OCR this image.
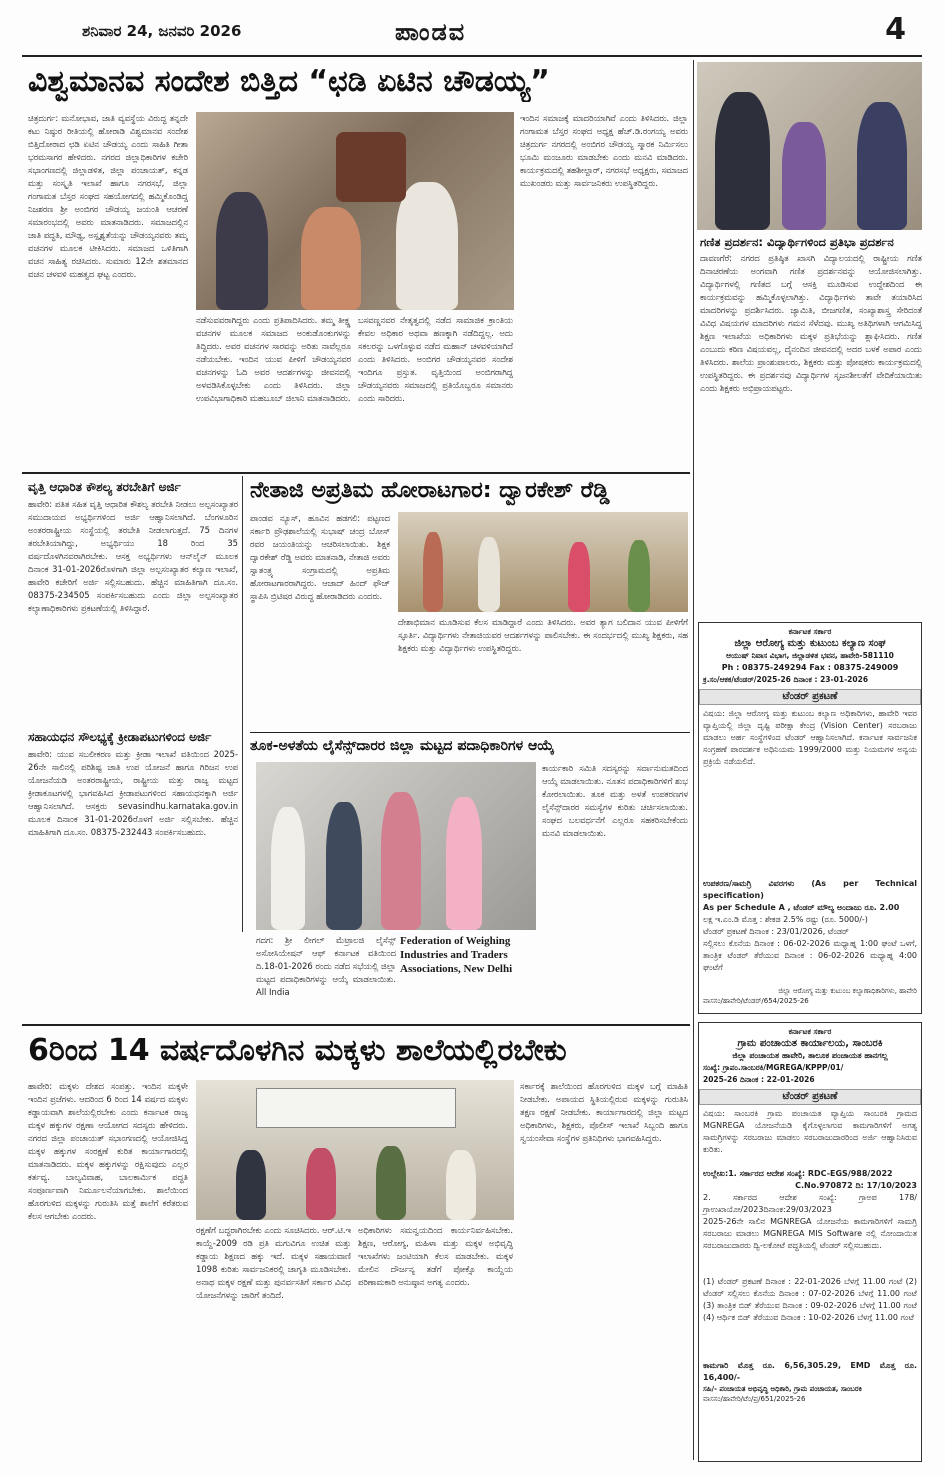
ಶನಿವಾರ 24, ಜನವರಿ 2026	ಪಾಂಡವ	4
ವಿಶ್ವಮಾನವ ಸಂದೇಶ ಬಿತ್ತಿದ “ಛಡಿ ಏಟಿನ ಚೌಡಯ್ಯ”
ಚಿತ್ರದುರ್ಗ: ಮನೋಭಾವ, ಜಾತಿ ವ್ಯವಸ್ಥೆಯ ವಿರುದ್ಧ ತನ್ನದೇ ಕಟು ನಿಷ್ಠುರ ರೀತಿಯಲ್ಲಿ ಹೋರಾಡಿ ವಿಶ್ವಮಾನವ ಸಂದೇಶ ಬಿತ್ತಿದೋರಾದ ಛಡಿ ಏಟಿನ ಚೌಡಯ್ಯ ಎಂದು ಸಾಹಿತಿ ಗೀತಾ ಭರಮಸಾಗರ ಹೇಳಿದರು. ನಗರದ ಜಿಲ್ಲಾಧಿಕಾರಿಗಳ ಕಚೇರಿ ಸಭಾಂಗಣದಲ್ಲಿ ಜಿಲ್ಲಾಡಳಿತ, ಜಿಲ್ಲಾ ಪಂಚಾಯತ್, ಕನ್ನಡ ಮತ್ತು ಸಂಸ್ಕೃತಿ ಇಲಾಖೆ ಹಾಗೂ ನಗರಸಭೆ, ಜಿಲ್ಲಾ ಗಂಗಾಮತ ಬೆಸ್ತರ ಸಂಘದ ಸಹಯೋಗದಲ್ಲಿ ಹಮ್ಮಿಕೊಂಡಿದ್ದ ನಿಜಶರಣ ಶ್ರೀ ಅಂಬಿಗರ ಚೌಡಯ್ಯ ಜಯಂತಿ ಆಚರಣೆ ಸಮಾರಂಭದಲ್ಲಿ ಅವರು ಮಾತನಾಡಿದರು. ಸಮಾಜದಲ್ಲಿನ ಜಾತಿ ಪದ್ಧತಿ, ಮೌಢ್ಯ, ಅಸ್ಪೃಶ್ಯತೆಯನ್ನು ಚೌಡಯ್ಯನವರು ತಮ್ಮ ವಚನಗಳ ಮೂಲಕ ಟೀಕಿಸಿದರು. ಸಮಾಜದ ಒಳಿತಿಗಾಗಿ ವಚನ ಸಾಹಿತ್ಯ ರಚಿಸಿದರು. ಸುಮಾರು 12ನೇ ಶತಮಾನದ ವಚನ ಚಳವಳಿ ಮಹತ್ವದ ಘಟ್ಟ ಎಂದರು.
ನಡೆಸುವವರಾಗಿದ್ದರು ಎಂದು ಪ್ರತಿಪಾದಿಸಿದರು. ತಮ್ಮ ತೀಕ್ಷ್ಣ ವಚನಗಳ ಮೂಲಕ ಸಮಾಜದ ಅಂಕುಡೊಂಕುಗಳನ್ನು ತಿದ್ದಿದರು. ಅವರ ವಚನಗಳ ಸಾರವನ್ನು ಅರಿತು ನಾವೆಲ್ಲರೂ ನಡೆಯಬೇಕು. ಇಂದಿನ ಯುವ ಪೀಳಿಗೆ ಚೌಡಯ್ಯನವರ ವಚನಗಳನ್ನು ಓದಿ ಅವರ ಆದರ್ಶಗಳನ್ನು ಜೀವನದಲ್ಲಿ ಅಳವಡಿಸಿಕೊಳ್ಳಬೇಕು ಎಂದು ತಿಳಿಸಿದರು. ಜಿಲ್ಲಾ ಉಪವಿಭಾಗಾಧಿಕಾರಿ ಮಹಬೂಬ್ ಜಿಲಾನಿ ಮಾತನಾಡಿದರು.
ಬಸವಣ್ಣನವರ ನೇತೃತ್ವದಲ್ಲಿ ನಡೆದ ಸಾಮಾಜಿಕ ಕ್ರಾಂತಿಯ ಕೇವಲ ಅಧಿಕಾರ ಅಥವಾ ಹಣಕ್ಕಾಗಿ ನಡೆದಿದ್ದಲ್ಲ. ಅದು ಸಕಲರನ್ನು ಒಳಗೊಳ್ಳುವ ನಡೆದ ಮಹಾನ್ ಚಳವಳಿಯಾಗಿದೆ ಎಂದು ತಿಳಿಸಿದರು. ಅಂಬಿಗರ ಚೌಡಯ್ಯನವರ ಸಂದೇಶ ಇಂದಿಗೂ ಪ್ರಸ್ತುತ. ವೃತ್ತಿಯಿಂದ ಅಂಬಿಗರಾಗಿದ್ದ ಚೌಡಯ್ಯನವರು ಸಮಾಜದಲ್ಲಿ ಪ್ರತಿಯೊಬ್ಬರೂ ಸಮಾನರು ಎಂದು ಸಾರಿದರು.
ಇಂದಿನ ಸಮಾಜಕ್ಕೆ ಮಾದರಿಯಾಗಿವೆ ಎಂದು ತಿಳಿಸಿದರು. ಜಿಲ್ಲಾ ಗಂಗಾಮತ ಬೆಸ್ತರ ಸಂಘದ ಅಧ್ಯಕ್ಷ ಹೆಚ್.ಡಿ.ರಂಗಯ್ಯ ಅವರು ಚಿತ್ರದುರ್ಗ ನಗರದಲ್ಲಿ ಅಂಬಿಗರ ಚೌಡಯ್ಯ ಸ್ಮಾರಕ ನಿರ್ಮಿಸಲು ಭೂಮಿ ಮಂಜೂರು ಮಾಡಬೇಕು ಎಂದು ಮನವಿ ಮಾಡಿದರು. ಕಾರ್ಯಕ್ರಮದಲ್ಲಿ ತಹಶೀಲ್ದಾರ್, ನಗರಸಭೆ ಅಧ್ಯಕ್ಷರು, ಸಮಾಜದ ಮುಖಂಡರು ಮತ್ತು ಸಾರ್ವಜನಿಕರು ಉಪಸ್ಥಿತರಿದ್ದರು.
ಗಣಿತ ಪ್ರದರ್ಶನ: ವಿದ್ಯಾರ್ಥಿಗಳಿಂದ ಪ್ರತಿಭಾ ಪ್ರದರ್ಶನ
ದಾವಣಗೆರೆ: ನಗರದ ಪ್ರತಿಷ್ಠಿತ ಖಾಸಗಿ ವಿದ್ಯಾಲಯದಲ್ಲಿ ರಾಷ್ಟ್ರೀಯ ಗಣಿತ ದಿನಾಚರಣೆಯ ಅಂಗವಾಗಿ ಗಣಿತ ಪ್ರದರ್ಶನವನ್ನು ಆಯೋಜಿಸಲಾಗಿತ್ತು. ವಿದ್ಯಾರ್ಥಿಗಳಲ್ಲಿ ಗಣಿತದ ಬಗ್ಗೆ ಆಸಕ್ತಿ ಮೂಡಿಸುವ ಉದ್ದೇಶದಿಂದ ಈ ಕಾರ್ಯಕ್ರಮವನ್ನು ಹಮ್ಮಿಕೊಳ್ಳಲಾಗಿತ್ತು. ವಿದ್ಯಾರ್ಥಿಗಳು ತಾವೇ ತಯಾರಿಸಿದ ಮಾದರಿಗಳನ್ನು ಪ್ರದರ್ಶಿಸಿದರು. ಜ್ಯಾಮಿತಿ, ಬೀಜಗಣಿತ, ಸಂಖ್ಯಾಶಾಸ್ತ್ರ ಸೇರಿದಂತೆ ವಿವಿಧ ವಿಷಯಗಳ ಮಾದರಿಗಳು ಗಮನ ಸೆಳೆದವು. ಮುಖ್ಯ ಅತಿಥಿಗಳಾಗಿ ಆಗಮಿಸಿದ್ದ ಶಿಕ್ಷಣ ಇಲಾಖೆಯ ಅಧಿಕಾರಿಗಳು ಮಕ್ಕಳ ಪ್ರತಿಭೆಯನ್ನು ಶ್ಲಾಘಿಸಿದರು. ಗಣಿತ ಎಂಬುದು ಕಠಿಣ ವಿಷಯವಲ್ಲ, ದೈನಂದಿನ ಜೀವನದಲ್ಲಿ ಅದರ ಬಳಕೆ ಅಪಾರ ಎಂದು ತಿಳಿಸಿದರು. ಶಾಲೆಯ ಪ್ರಾಂಶುಪಾಲರು, ಶಿಕ್ಷಕರು ಮತ್ತು ಪೋಷಕರು ಕಾರ್ಯಕ್ರಮದಲ್ಲಿ ಉಪಸ್ಥಿತರಿದ್ದರು. ಈ ಪ್ರದರ್ಶನವು ವಿದ್ಯಾರ್ಥಿಗಳ ಸೃಜನಶೀಲತೆಗೆ ವೇದಿಕೆಯಾಯಿತು ಎಂದು ಶಿಕ್ಷಕರು ಅಭಿಪ್ರಾಯಪಟ್ಟರು.
ಕರ್ನಾಟಕ ಸರ್ಕಾರ
ಜಿಲ್ಲಾ ಆರೋಗ್ಯ ಮತ್ತು ಕುಟುಂಬ ಕಲ್ಯಾಣ ಸಂಘ
ಆಯುಷ್ ನಿವಾಸ ವಿಭಾಗ, ಜಿಲ್ಲಾಡಳಿತ ಭವನ, ಹಾವೇರಿ-581110
Ph : 08375-249294 Fax : 08375-249009
ಕ್ರ.ಸಂ/ಆಕಕ/ಟೆಂಡರ್/2025-26 ದಿನಾಂಕ : 23-01-2026
ಟೆಂಡರ್ ಪ್ರಕಟಣೆ
ವಿಷಯ: ಜಿಲ್ಲಾ ಆರೋಗ್ಯ ಮತ್ತು ಕುಟುಂಬ ಕಲ್ಯಾಣ ಅಧಿಕಾರಿಗಳು, ಹಾವೇರಿ ಇವರ ವ್ಯಾಪ್ತಿಯಲ್ಲಿ ಜಿಲ್ಲಾ ದೃಷ್ಟಿ ಪರೀಕ್ಷಾ ಕೇಂದ್ರ (Vision Center) ಸರಬರಾಜು ಮಾಡಲು ಅರ್ಹ ಸಂಸ್ಥೆಗಳಿಂದ ಟೆಂಡರ್ ಆಹ್ವಾನಿಸಲಾಗಿದೆ. ಕರ್ನಾಟಕ ಸಾರ್ವಜನಿಕ ಸಂಗ್ರಹಣೆ ಪಾರದರ್ಶಕ ಅಧಿನಿಯಮ 1999/2000 ಮತ್ತು ನಿಯಮಗಳ ಅನ್ವಯ ಪ್ರಕ್ರಿಯೆ ನಡೆಯಲಿದೆ.
ಉಪಕರಣ/ಸಾಮಗ್ರಿ ವಿವರಗಳು (As per Technical specification)
As per Schedule A , ಟೆಂಡರ್ ಮೌಲ್ಯ ಅಂದಾಜು ರೂ. 2.00
ಲಕ್ಷ ಇ.ಎಂ.ಡಿ ಮೊತ್ತ : ಶೇಕಡ 2.5% ರಷ್ಟು (ರೂ. 5000/-)
ಟೆಂಡರ್ ಪ್ರಕಟಣೆ ದಿನಾಂಕ : 23/01/2026, ಟೆಂಡರ್
ಸಲ್ಲಿಸಲು ಕೊನೆಯ ದಿನಾಂಕ : 06-02-2026 ಮಧ್ಯಾಹ್ನ 1:00 ಘಂಟೆ ಒಳಗೆ, ತಾಂತ್ರಿಕ ಟೆಂಡರ್ ತೆರೆಯುವ ದಿನಾಂಕ : 06-02-2026 ಮಧ್ಯಾಹ್ನ 4:00 ಘಂಟೆಗೆ
ಜಿಲ್ಲಾ ಆರೋಗ್ಯ ಮತ್ತು ಕುಟುಂಬ ಕಲ್ಯಾಣಾಧಿಕಾರಿಗಳು, ಹಾವೇರಿ
ವಾಸಸಂ/ಹಾವೇರಿ/ಟೆಂಡರ್/654/2025-26
ಕರ್ನಾಟಕ ಸರ್ಕಾರ
ಗ್ರಾಮ ಪಂಚಾಯತ ಕಾರ್ಯಾಲಯ, ಸಾಂಬರಕಿ
ಜಿಲ್ಲಾ ಪಂಚಾಯತ ಹಾವೇರಿ, ತಾಲೂಕ ಪಂಚಾಯತ ಹಾನಗಲ್ಲ
ಸಂಖ್ಯೆ: ಗ್ರಾಪಂ.ಸಾಂಬರಕಿ/MGREGA/KPPP/01/
2025-26 ದಿನಾಂಕ : 22-01-2026
ಟೆಂಡರ್ ಪ್ರಕಟಣೆ
ವಿಷಯ: ಸಾಂಬರಕಿ ಗ್ರಾಮ ಪಂಚಾಯತ ವ್ಯಾಪ್ತಿಯ ಸಾಂಬರಕಿ ಗ್ರಾಮದ MGNREGA ಯೋಜನೆಯಡಿ ಕೈಗೊಳ್ಳಲಾಗುವ ಕಾಮಗಾರಿಗಳಿಗೆ ಅಗತ್ಯ ಸಾಮಗ್ರಿಗಳನ್ನು ಸರಬರಾಜು ಮಾಡಲು ಸರಬರಾಜುದಾರರಿಂದ ಅರ್ಜಿ ಆಹ್ವಾನಿಸಿರುವ ಕುರಿತು.
ಉಲ್ಲೇಖ:1. ಸರ್ಕಾರದ ಆದೇಶ ಸಂಖ್ಯೆ: RDC-EGS/988/2022
C.No.970872 ದಿ: 17/10/2023
2. ಸರ್ಕಾರದ ಆದೇಶ ಸಂಖ್ಯೆ: ಗ್ರಾಅಪ 178/ಗ್ರಾಉಖಾಯೋ/2023ದಿನಾಂಕ:29/03/2023
2025-26ನೇ ಸಾಲಿನ MGNREGA ಯೋಜನೆಯ ಕಾಮಗಾರಿಗಳಿಗೆ ಸಾಮಗ್ರಿ ಸರಬರಾಜು ಮಾಡಲು MGNREGA MIS Software ನಲ್ಲಿ ನೋಂದಾಯಿತ ಸರಬರಾಜುದಾರರು ದ್ವಿ-ಲಕೋಟೆ ಪದ್ಧತಿಯಲ್ಲಿ ಟೆಂಡರ್ ಸಲ್ಲಿಸಬಹುದು.
(1) ಟೆಂಡರ್ ಪ್ರಕಟಣೆ ದಿನಾಂಕ : 22-01-2026 ಬೆಳಗ್ಗೆ 11.00 ಗಂಟೆ (2) ಟೆಂಡರ್ ಸಲ್ಲಿಸಲು ಕೊನೆಯ ದಿನಾಂಕ : 07-02-2026 ಬೆಳಗ್ಗೆ 11.00 ಗಂಟೆ (3) ತಾಂತ್ರಿಕ ಬಿಡ್ ತೆರೆಯುವ ದಿನಾಂಕ : 09-02-2026 ಬೆಳಗ್ಗೆ 11.00 ಗಂಟೆ (4) ಆರ್ಥಿಕ ಬಿಡ್ ತೆರೆಯುವ ದಿನಾಂಕ : 10-02-2026 ಬೆಳಗ್ಗೆ 11.00 ಗಂಟೆ
ಕಾಮಗಾರಿ ಮೊತ್ತ ರೂ. 6,56,305.29, EMD ಮೊತ್ತ ರೂ. 16,400/-
ಸಹಿ/- ಪಂಚಾಯತ ಅಭಿವೃದ್ಧಿ ಅಧಿಕಾರಿ, ಗ್ರಾಮ ಪಂಚಾಯತ, ಸಾಂಬರಕಿ
ವಾಸಸಂ/ಹಾವೇರಿ/ಟೆಂ/ಪ್ರ/651/2025-26
ವೃತ್ತಿ ಆಧಾರಿತ ಕೌಶಲ್ಯ ತರಬೇತಿಗೆ ಅರ್ಜಿ
ಹಾವೇರಿ: ಪತಿತ ಸಹಿತ ವೃತ್ತಿ ಆಧಾರಿತ ಕೌಶಲ್ಯ ತರಬೇತಿ ನೀಡಲು ಅಲ್ಪಸಂಖ್ಯಾತರ ಸಮುದಾಯದ ಅಭ್ಯರ್ಥಿಗಳಿಂದ ಅರ್ಜಿ ಆಹ್ವಾನಿಸಲಾಗಿದೆ. ಬೆಂಗಳೂರಿನ ಅಂತರರಾಷ್ಟ್ರೀಯ ಸಂಸ್ಥೆಯಲ್ಲಿ ತರಬೇತಿ ನೀಡಲಾಗುತ್ತದೆ. 75 ದಿನಗಳ ತರಬೇತಿಯಾಗಿದ್ದು, ಅಭ್ಯರ್ಥಿಯು 18 ರಿಂದ 35 ವರ್ಷದೊಳಗಿನವರಾಗಿರಬೇಕು. ಆಸಕ್ತ ಅಭ್ಯರ್ಥಿಗಳು ಆನ್‌ಲೈನ್ ಮೂಲಕ ದಿನಾಂಕ 31-01-2026ರೊಳಗಾಗಿ ಜಿಲ್ಲಾ ಅಲ್ಪಸಂಖ್ಯಾತರ ಕಲ್ಯಾಣ ಇಲಾಖೆ, ಹಾವೇರಿ ಕಚೇರಿಗೆ ಅರ್ಜಿ ಸಲ್ಲಿಸಬಹುದು. ಹೆಚ್ಚಿನ ಮಾಹಿತಿಗಾಗಿ ದೂ.ಸಂ. 08375-234505 ಸಂಪರ್ಕಿಸಬಹುದು ಎಂದು ಜಿಲ್ಲಾ ಅಲ್ಪಸಂಖ್ಯಾತರ ಕಲ್ಯಾಣಾಧಿಕಾರಿಗಳು ಪ್ರಕಟಣೆಯಲ್ಲಿ ತಿಳಿಸಿದ್ದಾರೆ.
ಸಹಾಯಧನ ಸೌಲಭ್ಯಕ್ಕೆ ಕ್ರೀಡಾಪಟುಗಳಿಂದ ಅರ್ಜಿ
ಹಾವೇರಿ: ಯುವ ಸಬಲೀಕರಣ ಮತ್ತು ಕ್ರೀಡಾ ಇಲಾಖೆ ವತಿಯಿಂದ 2025-26ನೇ ಸಾಲಿನಲ್ಲಿ ಪರಿಶಿಷ್ಟ ಜಾತಿ ಉಪ ಯೋಜನೆ ಹಾಗೂ ಗಿರಿಜನ ಉಪ ಯೋಜನೆಯಡಿ ಅಂತರರಾಷ್ಟ್ರೀಯ, ರಾಷ್ಟ್ರೀಯ ಮತ್ತು ರಾಜ್ಯ ಮಟ್ಟದ ಕ್ರೀಡಾಕೂಟಗಳಲ್ಲಿ ಭಾಗವಹಿಸಿದ ಕ್ರೀಡಾಪಟುಗಳಿಂದ ಸಹಾಯಧನಕ್ಕಾಗಿ ಅರ್ಜಿ ಆಹ್ವಾನಿಸಲಾಗಿದೆ. ಆಸಕ್ತರು sevasindhu.karnataka.gov.in ಮೂಲಕ ದಿನಾಂಕ 31-01-2026ರೊಳಗೆ ಅರ್ಜಿ ಸಲ್ಲಿಸಬೇಕು. ಹೆಚ್ಚಿನ ಮಾಹಿತಿಗಾಗಿ ದೂ.ಸಂ. 08375-232443 ಸಂಪರ್ಕಿಸಬಹುದು.
ನೇತಾಜಿ ಅಪ್ರತಿಮ ಹೋರಾಟಗಾರ: ದ್ವಾರಕೇಶ್ ರೆಡ್ಡಿ
ಪಾಂಡವ ನ್ಯೂಸ್, ಹೂವಿನ ಹಡಗಲಿ: ಪಟ್ಟಣದ ಸರ್ಕಾರಿ ಪ್ರೌಢಶಾಲೆಯಲ್ಲಿ ಸುಭಾಷ್ ಚಂದ್ರ ಬೋಸ್ ರವರ ಜಯಂತಿಯನ್ನು ಆಚರಿಸಲಾಯಿತು. ಶಿಕ್ಷಕ ದ್ವಾರಕೇಶ್ ರೆಡ್ಡಿ ಅವರು ಮಾತನಾಡಿ, ನೇತಾಜಿ ಅವರು ಸ್ವಾತಂತ್ರ್ಯ ಸಂಗ್ರಾಮದಲ್ಲಿ ಅಪ್ರತಿಮ ಹೋರಾಟಗಾರರಾಗಿದ್ದರು. ಆಜಾದ್ ಹಿಂದ್ ಫೌಜ್ ಸ್ಥಾಪಿಸಿ ಬ್ರಿಟಿಷರ ವಿರುದ್ಧ ಹೋರಾಡಿದರು ಎಂದರು.
ದೇಶಾಭಿಮಾನ ಮೂಡಿಸುವ ಕೆಲಸ ಮಾಡಿದ್ದಾರೆ ಎಂದು ತಿಳಿಸಿದರು. ಅವರ ತ್ಯಾಗ ಬಲಿದಾನ ಯುವ ಪೀಳಿಗೆಗೆ ಸ್ಫೂರ್ತಿ. ವಿದ್ಯಾರ್ಥಿಗಳು ನೇತಾಜಿಯವರ ಆದರ್ಶಗಳನ್ನು ಪಾಲಿಸಬೇಕು. ಈ ಸಂದರ್ಭದಲ್ಲಿ ಮುಖ್ಯ ಶಿಕ್ಷಕರು, ಸಹ ಶಿಕ್ಷಕರು ಮತ್ತು ವಿದ್ಯಾರ್ಥಿಗಳು ಉಪಸ್ಥಿತರಿದ್ದರು.
ತೂಕ-ಅಳತೆಯ ಲೈಸೆನ್ಸ್‌ದಾರರ ಜಿಲ್ಲಾ ಮಟ್ಟದ ಪದಾಧಿಕಾರಿಗಳ ಆಯ್ಕೆ
ಗದಗ: ಶ್ರೀ ಲೀಗಲ್ ಮೆಟ್ರಾಲಜಿ ಲೈಸೆನ್ಸ್ ಅಸೋಸಿಯೇಷನ್ ಆಫ್ ಕರ್ನಾಟಕ ವತಿಯಿಂದ ದಿ.18-01-2026 ರಂದು ನಡೆದ ಸಭೆಯಲ್ಲಿ ಜಿಲ್ಲಾ ಮಟ್ಟದ ಪದಾಧಿಕಾರಿಗಳನ್ನು ಆಯ್ಕೆ ಮಾಡಲಾಯಿತು. All India
Federation of Weighing Industries and Traders Associations, New Delhi
ಕಾರ್ಯಕಾರಿ ಸಮಿತಿ ಸದಸ್ಯರನ್ನು ಸರ್ವಾನುಮತದಿಂದ ಆಯ್ಕೆ ಮಾಡಲಾಯಿತು. ನೂತನ ಪದಾಧಿಕಾರಿಗಳಿಗೆ ಶುಭ ಕೋರಲಾಯಿತು. ತೂಕ ಮತ್ತು ಅಳತೆ ಉಪಕರಣಗಳ ಲೈಸೆನ್ಸ್‌ದಾರರ ಸಮಸ್ಯೆಗಳ ಕುರಿತು ಚರ್ಚಿಸಲಾಯಿತು. ಸಂಘದ ಬಲವರ್ಧನೆಗೆ ಎಲ್ಲರೂ ಸಹಕರಿಸಬೇಕೆಂದು ಮನವಿ ಮಾಡಲಾಯಿತು.
6ರಿಂದ 14 ವರ್ಷದೊಳಗಿನ ಮಕ್ಕಳು ಶಾಲೆಯಲ್ಲಿರಬೇಕು
ಹಾವೇರಿ: ಮಕ್ಕಳು ದೇಶದ ಸಂಪತ್ತು. ಇಂದಿನ ಮಕ್ಕಳೇ ಇಂದಿನ ಪ್ರಜೆಗಳು. ಆದರಿಂದ 6 ರಿಂದ 14 ವರ್ಷದ ಮಕ್ಕಳು ಕಡ್ಡಾಯವಾಗಿ ಶಾಲೆಯಲ್ಲಿರಬೇಕು ಎಂದು ಕರ್ನಾಟಕ ರಾಜ್ಯ ಮಕ್ಕಳ ಹಕ್ಕುಗಳ ರಕ್ಷಣಾ ಆಯೋಗದ ಸದಸ್ಯರು ಹೇಳಿದರು. ನಗರದ ಜಿಲ್ಲಾ ಪಂಚಾಯತ್ ಸಭಾಂಗಣದಲ್ಲಿ ಆಯೋಜಿಸಿದ್ದ ಮಕ್ಕಳ ಹಕ್ಕುಗಳ ಸಂರಕ್ಷಣೆ ಕುರಿತ ಕಾರ್ಯಾಗಾರದಲ್ಲಿ ಮಾತನಾಡಿದರು. ಮಕ್ಕಳ ಹಕ್ಕುಗಳನ್ನು ರಕ್ಷಿಸುವುದು ಎಲ್ಲರ ಕರ್ತವ್ಯ. ಬಾಲ್ಯವಿವಾಹ, ಬಾಲಕಾರ್ಮಿಕ ಪದ್ಧತಿ ಸಂಪೂರ್ಣವಾಗಿ ನಿರ್ಮೂಲನೆಯಾಗಬೇಕು. ಶಾಲೆಯಿಂದ ಹೊರಗುಳಿದ ಮಕ್ಕಳನ್ನು ಗುರುತಿಸಿ ಮತ್ತೆ ಶಾಲೆಗೆ ಕರೆತರುವ ಕೆಲಸ ಆಗಬೇಕು ಎಂದರು.
ರಕ್ಷಣೆಗೆ ಬದ್ಧರಾಗಿರಬೇಕು ಎಂದು ಸೂಚಿಸಿದರು. ಆರ್.ಟಿ.ಇ ಕಾಯ್ದೆ-2009 ರಡಿ ಪ್ರತಿ ಮಗುವಿಗೂ ಉಚಿತ ಮತ್ತು ಕಡ್ಡಾಯ ಶಿಕ್ಷಣದ ಹಕ್ಕು ಇದೆ. ಮಕ್ಕಳ ಸಹಾಯವಾಣಿ 1098 ಕುರಿತು ಸಾರ್ವಜನಿಕರಲ್ಲಿ ಜಾಗೃತಿ ಮೂಡಿಸಬೇಕು. ಅನಾಥ ಮಕ್ಕಳ ರಕ್ಷಣೆ ಮತ್ತು ಪುನರ್ವಸತಿಗೆ ಸರ್ಕಾರ ವಿವಿಧ ಯೋಜನೆಗಳನ್ನು ಜಾರಿಗೆ ತಂದಿದೆ.
ಅಧಿಕಾರಿಗಳು ಸಮನ್ವಯದಿಂದ ಕಾರ್ಯನಿರ್ವಹಿಸಬೇಕು. ಶಿಕ್ಷಣ, ಆರೋಗ್ಯ, ಮಹಿಳಾ ಮತ್ತು ಮಕ್ಕಳ ಅಭಿವೃದ್ಧಿ ಇಲಾಖೆಗಳು ಜಂಟಿಯಾಗಿ ಕೆಲಸ ಮಾಡಬೇಕು. ಮಕ್ಕಳ ಮೇಲಿನ ದೌರ್ಜನ್ಯ ತಡೆಗೆ ಪೋಕ್ಸೊ ಕಾಯ್ದೆಯ ಪರಿಣಾಮಕಾರಿ ಅನುಷ್ಠಾನ ಅಗತ್ಯ ಎಂದರು.
ಸರ್ಕಾರಕ್ಕೆ ಶಾಲೆಯಿಂದ ಹೊರಗುಳಿದ ಮಕ್ಕಳ ಬಗ್ಗೆ ಮಾಹಿತಿ ನೀಡಬೇಕು. ಅಪಾಯದ ಸ್ಥಿತಿಯಲ್ಲಿರುವ ಮಕ್ಕಳನ್ನು ಗುರುತಿಸಿ ತಕ್ಷಣ ರಕ್ಷಣೆ ನೀಡಬೇಕು. ಕಾರ್ಯಾಗಾರದಲ್ಲಿ ಜಿಲ್ಲಾ ಮಟ್ಟದ ಅಧಿಕಾರಿಗಳು, ಶಿಕ್ಷಕರು, ಪೊಲೀಸ್ ಇಲಾಖೆ ಸಿಬ್ಬಂದಿ ಹಾಗೂ ಸ್ವಯಂಸೇವಾ ಸಂಸ್ಥೆಗಳ ಪ್ರತಿನಿಧಿಗಳು ಭಾಗವಹಿಸಿದ್ದರು.
